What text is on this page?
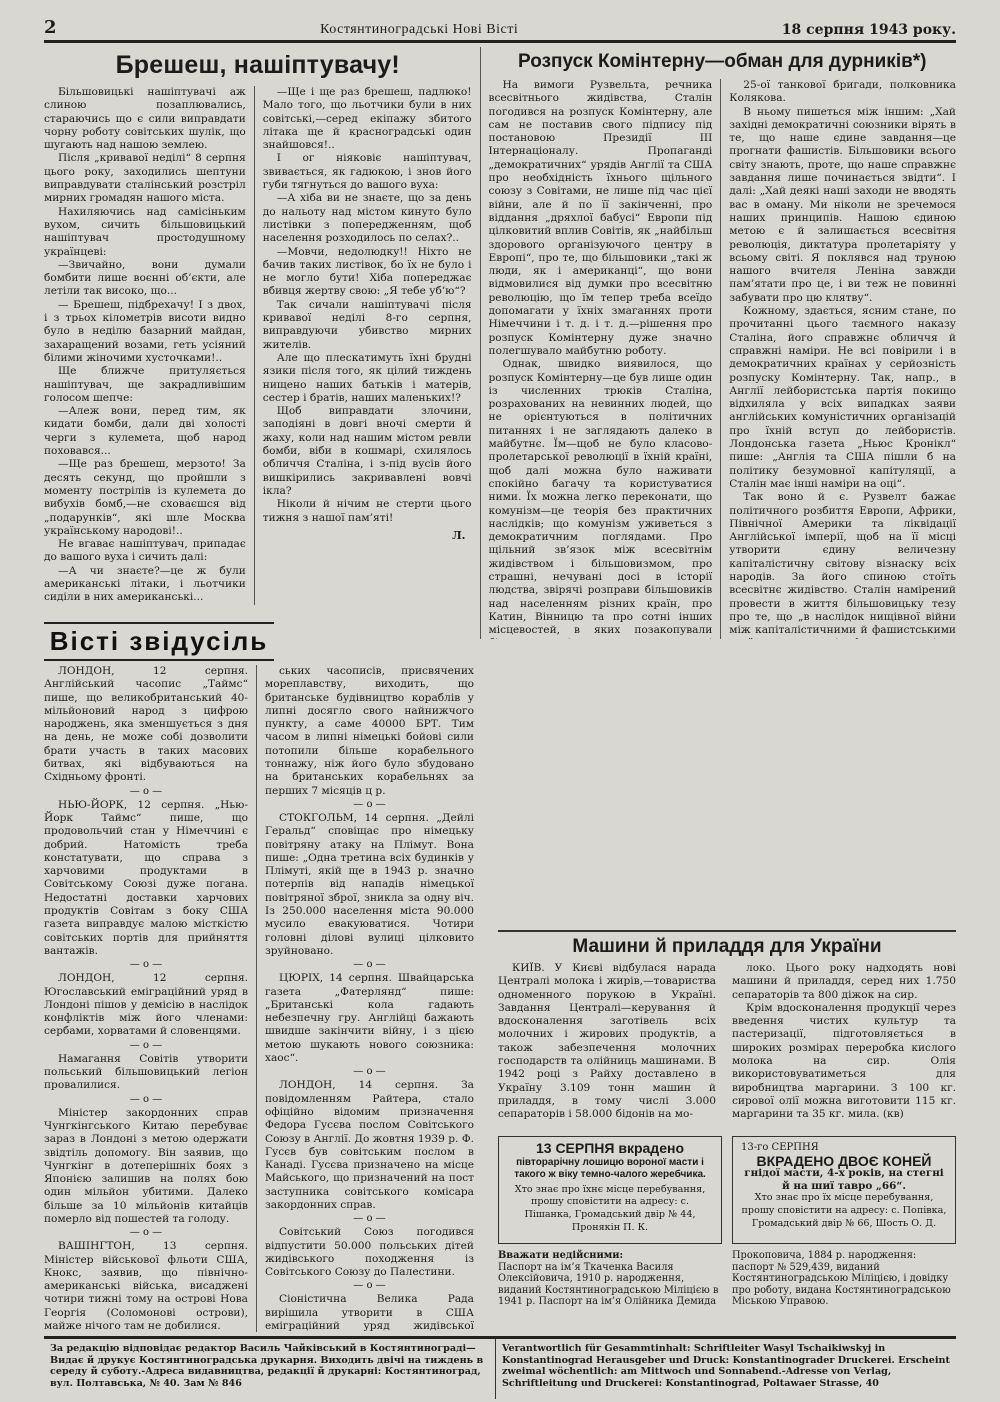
2	Костянтиноградські Нові Вісті	18 серпня 1943 року.
Брешеш, нашіптувачу!

Більшовицькі нашіптувачі аж слиною позаплювались, стараючись що є сили виправдати чорну роботу совітських шулік, що шугають над нашою землею.

Після „кривавої неділі“ 8 серпня цього року, заходились шептуни виправдувати сталінський розстріл мирних громадян нашого міста.

Нахиляючись над самісіньким вухом, сичить більшовицький нашіптувач простодушному українцеві:

—Звичайно, вони думали бомбити лише воєнні об’єкти, але летіли так високо, що...

— Брешеш, підбрехачу! І з двох, і з трьох кілометрів висоти видно було в неділю базарний майдан, захаращений возами, геть усіяний білими жіночими хусточками!..

Ще ближче притуляється нашіптувач, ще закрадливішим голосом шепче:

—Алеж вони, перед тим, як кидати бомби, дали дві холості черги з кулемета, щоб народ поховався...

—Ще раз брешеш, мерзото! За десять секунд, що пройшли з моменту пострілів із кулемета до вибухів бомб,—не сховаєшся від „подарунків“, які шле Москва українському народові!..

Не вгаває нашіптувач, припадає до вашого вуха і сичить далі:

—А чи знаєте?—це ж були американські літаки, і льотчики сиділи в них американські...

—Ще і ще раз брешеш, падлюко! Мало того, що льотчики були в них совітські,—серед екіпажу збитого літака ще й красноградські один знайшовся!..

І ог ніяковіє нашіптувач, звивається, як гадюкою, і знов його губи тягнуться до вашого вуха:

—А хіба ви не знаєте, що за день до нальоту над містом кинуто було листівки з попередженням, щоб населення розходилось по селах?..

—Мовчи, недолюдку!! Ніхто не бачив таких листівок, бо їх не було і не могло бути! Хіба попереджає вбивця жертву свою: „Я тебе уб’ю“?

Так сичали нашіптувачі після кривавої неділі 8-го серпня, виправдуючи убивство мирних жителів.

Але що плескатимуть їхні брудні язики після того, як цілий тиждень нищено наших батьків і матерів, сестер і братів, наших маленьких!?

Щоб виправдати злочини, заподіяні в довгі вночі смерти й жаху, коли над нашим містом ревли бомби, віби в кошмарі, схилялось обличчя Сталіна, і з-під вусів його вишкірились закривавлені вовчі ікла?

Ніколи й нічим не стерти цього тижня з нашої пам’яті!

Л.
Розпуск Комінтерну—обман для дурників*)

На вимоги Рузвельта, речника всесвітнього жидівства, Сталін погодився на розпуск Комінтерну, але сам не поставив свого підпису під постановою Президії III Інтернаціоналу. Пропаганді „демократичних“ урядів Англії та США про необхідність їхнього щільного союзу з Совітами, не лише під час цієї війни, але й по її закінченні, про віддання „дряхлої бабусі“ Европи під цілковитий вплив Совітів, як „найбільш здорового організуючого центру в Европі“, про те, що більшовики „такі ж люди, як і американці“, що вони відмовилися від думки про всесвітню революцію, що їм тепер треба всеїдо допомагати у їхніх змаганнях проти Німеччини і т. д. і т. д.—рішення про розпуск Комінтерну дуже значно полегшувало майбутню роботу.

Однак, швидко виявилося, що розпуск Комінтерну—це був лише один із численних трюків Сталіна, розрахованих на невинних людей, що не орієнтуються в політичних питаннях і не заглядають далеко в майбутнє. Їм—щоб не було класово-пролетарської революції в їхній країні, щоб далі можна було наживати спокійно багачу та користуватися ними. Їх можна легко переконати, що комунізм—це теорія без практичних наслідків; що комунізм уживеться з демократичним поглядами. Про щільний зв’язок між всесвітнім жидівством і більшовизмом, про страшні, нечувані досі в історії людства, звірячі розправи більшовиків над населенням різних країн, про Катин, Вінницю та про сотні інших місцевостей, в яких позакопували

25-ої танкової бригади, полковника Колякова.

В ньому пишеться між іншим: „Хай західні демократичні союзники вірять в те, що наше єдине завдання—це прогнати фашистів. Більшовики всього світу знають, проте, що наше справжнє завдання лише починається звідти“. І далі: „Хай деякі наші заходи не вводять вас в оману. Ми ніколи не зречемося наших принципів. Нашою єдиною метою є й залишається всесвітня революція, диктатура пролетаріяту у всьому світі. Я поклявся над труною нашого вчителя Леніна завжди пам’ятати про це, і ви теж не повинні забувати про цю клятву“.

Кожному, здається, ясним стане, по прочитанні цього таємного наказу Сталіна, його справжнє обличчя й справжні наміри. Не всі повірили і в демократичних країнах у серйозність розпуску Комінтерну. Так, напр., в Англії лейбористська партія покищо відхиляла у всіх випадках заяви англійських комуністичних організацій про їхній вступ до лейбористів. Лондонська газета „Ньюс Кронікл“ пише: „Англія та США пішли б на політику безумовної капітуляції, а Сталін має інші наміри на оці“.

Так воно й є. Рузвелт бажає політичного розбиття Европи, Африки, Північної Америки та ліквідації Англійської імперії, щоб на її місці утворити єдину величезну капіталістичну світову візнаску всіх народів. За його спиною стоїть всесвітнє жидівство. Сталін намірений провести в життя більшовицьку тезу про те, що „в наслідок нищівної війни між капіталістичними й фашистськими

Вісті звідусіль

ЛОНДОН, 12 серпня. Англійський часопис „Таймс“ пише, що великобританський 40-мільйоновий народ з цифрою народжень, яка зменшується з дня на день, не може собі дозволити брати участь в таких масових битвах, які відбуваються на Східньому фронті.

— о —

НЬЮ-ЙОРК, 12 серпня. „Нью-Йорк Таймс“ пише, що продовольчий стан у Німеччині є добрий. Натомість треба констатувати, що справа з харчовими продуктами в Совітському Союзі дуже погана. Недостатні доставки харчових продуктів Совітам з боку США газета виправдує малою місткістю совітських портів для прийняття вантажів.

— о —

ЛОНДОН, 12 серпня. Югославський еміграційний уряд в Лондоні пішов у демісію в наслідок конфліктів між його членами: сербами, хорватами й словенцями.

— о —

Намагання Совітів утворити польський більшовицький легіон провалилися.

— о —

Міністер закордонних справ Чунгкінгського Китаю перебуває зараз в Лондоні з метою одержати звідтіль допомогу. Він заявив, що Чунгкінг в дотеперішніх боях з Японією залишив на полях бою один мільйон убитими. Далеко більше за 10 мільйонів китайців померло від пошестей та голоду.

— о —

ВАШІНГТОН, 13 серпня. Міністер військової фльоти США, Кнокс, заявив, що північно-американські війська, висаджені чотири тижні тому на острові Нова Георгія (Соломонові острови), майже нічого там не добилися.

ських часописів, присвячених мореплавству, виходить, що британське будівництво кораблів у липні досягло свого найнижчого пункту, а саме 40000 БРТ. Тим часом в липні німецькі бойові сили потопили більше корабельного тоннажу, ніж його було збудовано на британських корабельнях за перших 7 місяців ц р.

— о —

СТОКГОЛЬМ, 14 серпня. „Дейлі Геральд“ сповіщає про німецьку повітряну атаку на Плімут. Вона пише: „Одна третина всіх будинків у Плімуті, якій ще в 1943 р. значно потерпів від нападів німецької повітряної зброї, зникла за одну віч. Із 250.000 населення міста 90.000 мусило евакуюватися. Чотири головні ділові вулиці цілковито зруйновано.

— о —

ЦЮРІХ, 14 серпня. Швайцарська газета „Фатерлянд“ пише: „Британські кола гадають небезпечну гру. Англійці бажають швидше закінчити війну, і з цією метою шукають нового союзника: хаос“.

— о —

ЛОНДОН, 14 серпня. За повідомленням Райтера, стало офіційно відомим призначення Федора Гусєва послом Совітського Союзу в Англії. До жовтня 1939 р. Ф. Гусєв був совітським послом в Канаді. Гусєва призначено на місце Майського, що призначений на пост заступника совітського комісара закордонних справ.

— о —

Совітський Союз погодився відпустити 50.000 польських дітей жидівського походження із Совітського Союзу до Палестини.

— о —

Сіоністична Велика Рада вирішила утворити в США еміграційний уряд жидівської

Машини й приладдя для України

КИЇВ. У Києві відбулася нарада Централі молока і жирів,—товариства одноменного порукою в Україні. Завдання Централі—керування й вдосконалення заготівель всіх молочних і жирових продуктів, а також забезпечення молочних господарств та олійниць машинами. В 1942 році з Райху доставлено в Україну 3.109 тонн машин й приладдя, в тому числі 3.000 сепараторів і 58.000 бідонів на мо-

локо. Цього року надходять нові машини й приладдя, серед них 1.750 сепараторів та 800 діжок на сир.

Крім вдосконалення продукції через введення чистих культур та пастеризації, підготовляється в широких розмірах переробка кислого молока на сир. Олія використовуватиметься для виробництва маргарини. З 100 кг. сирової олії можна виготовити 115 кг. маргарини та 35 кг. мила. (кв)

13 СЕРПНЯ вкрадено
півторарічну лошицю вороної масти і такого ж віку темно-чалого жеребчика.
Хто знає про їхнє місце перебування, прошу сповістити на адресу: с. Пішанка, Громадський двір № 44, Пронякін П. К.
Вважати недійсними:
Паспорт на ім’я Ткаченка Василя Олексійовича, 1910 р. народження, виданий Костянтиноградською Міліцією в 1941 р. Паспорт на ім’я Олійника Демида
13-го СЕРПНЯ
ВКРАДЕНО ДВОЄ КОНЕЙ
гнідої масти, 4-х років, на стегні й на шиї тавро „66“.
Хто знає про їх місце перебування, прошу сповістити на адресу: с. Попівка, Громадський двір № 66, Шость О. Д.
Прокоповича, 1884 р. народження: паспорт № 529,439, виданий Костянтиноградською Міліцією, і довідку про роботу, видана Костянтиноградською Міською Управою.
За редакцію відповідає редактор Василь Чайківський в Костянтинограді—Видає й друкує Костянтиноградська друкарня. Виходить двічі на тиждень в середу й суботу.-Адреса видавництва, редакції й друкарні: Костянтиноград, вул. Полтавська, № 40. Зам № 846
Verantwortlich für Gesammtinhalt: Schriftleiter Wasyl Tschaikiwskyj in Konstantinograd Herausgeber und Druck: Konstantinograder Druckerei. Erscheint zweimal wöchentlich: am Mittwoch und Sonnabend.-Adresse von Verlag, Schriftleitung und Druckerei: Konstantinograd, Poltawaer Strasse, 40
